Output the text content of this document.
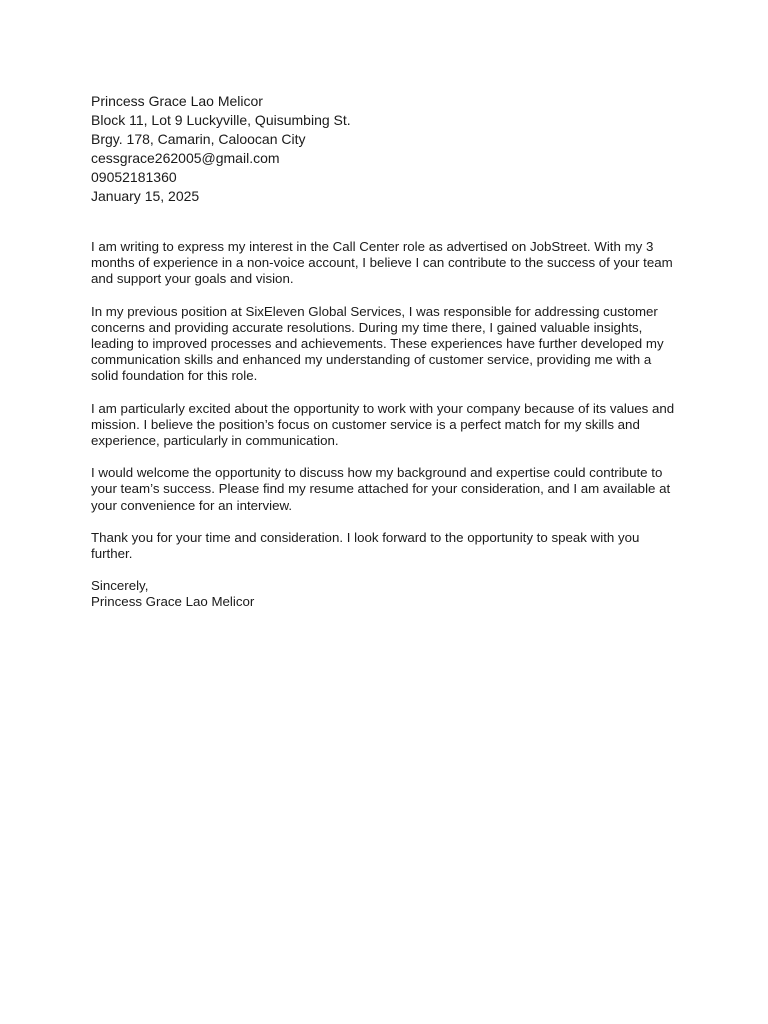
Princess Grace Lao Melicor
Block 11, Lot 9 Luckyville, Quisumbing St.
Brgy. 178, Camarin, Caloocan City
cessgrace262005@gmail.com
09052181360
January 15, 2025

I am writing to express my interest in the Call Center role as advertised on JobStreet. With my 3 months of experience in a non-voice account, I believe I can contribute to the success of your team and support your goals and vision.

In my previous position at SixEleven Global Services, I was responsible for addressing customer concerns and providing accurate resolutions. During my time there, I gained valuable insights, leading to improved processes and achievements. These experiences have further developed my communication skills and enhanced my understanding of customer service, providing me with a solid foundation for this role.

I am particularly excited about the opportunity to work with your company because of its values and mission. I believe the position’s focus on customer service is a perfect match for my skills and experience, particularly in communication.

I would welcome the opportunity to discuss how my background and expertise could contribute to your team’s success. Please find my resume attached for your consideration, and I am available at your convenience for an interview.

Thank you for your time and consideration. I look forward to the opportunity to speak with you further.

Sincerely,
Princess Grace Lao Melicor
